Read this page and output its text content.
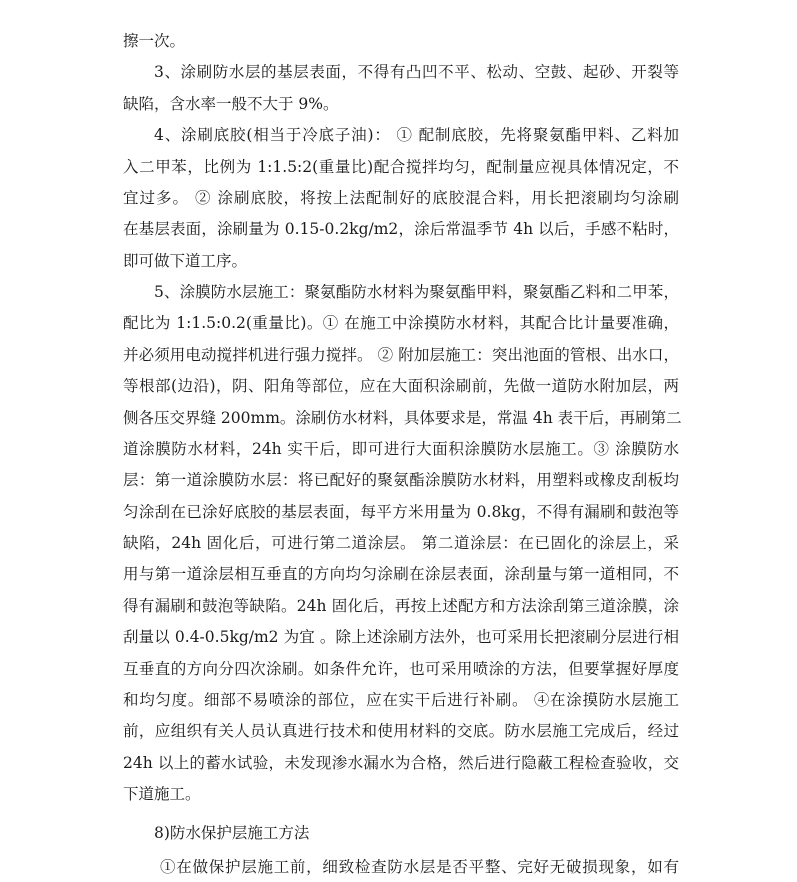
擦一次。
3、涂刷防水层的基层表面，不得有凸凹不平、松动、空鼓、起砂、开裂等
缺陷，含水率一般不大于 9%。
4、涂刷底胶(相当于冷底子油)： ① 配制底胶，先将聚氨酯甲料、乙料加
入二甲苯，比例为 1:1.5:2(重量比)配合搅拌均匀，配制量应视具体情况定，不
宜过多。 ② 涂刷底胶，将按上法配制好的底胶混合料，用长把滚刷均匀涂刷
在基层表面，涂刷量为 0.15-0.2kg/m2，涂后常温季节 4h 以后，手感不粘时，
即可做下道工序。
5、涂膜防水层施工：聚氨酯防水材料为聚氨酯甲料，聚氨酯乙料和二甲苯，
配比为 1:1.5:0.2(重量比)。① 在施工中涂摸防水材料，其配合比计量要准确，
并必须用电动搅拌机进行强力搅拌。 ② 附加层施工：突出池面的管根、出水口，
等根部(边沿)，阴、阳角等部位，应在大面积涂刷前，先做一道防水附加层，两
侧各压交界缝 200mm。涂刷仿水材料，具体要求是，常温 4h 表干后，再刷第二
道涂膜防水材料，24h 实干后，即可进行大面积涂膜防水层施工。③ 涂膜防水
层：第一道涂膜防水层：将已配好的聚氨酯涂膜防水材料，用塑料或橡皮刮板均
匀涂刮在已涂好底胶的基层表面，每平方米用量为 0.8kg，不得有漏刷和鼓泡等
缺陷，24h 固化后，可进行第二道涂层。 第二道涂层：在已固化的涂层上，采
用与第一道涂层相互垂直的方向均匀涂刷在涂层表面，涂刮量与第一道相同，不
得有漏刷和鼓泡等缺陷。24h 固化后，再按上述配方和方法涂刮第三道涂膜，涂
刮量以 0.4-0.5kg/m2 为宜 。除上述涂刷方法外，也可采用长把滚刷分层进行相
互垂直的方向分四次涂刷。如条件允许，也可采用喷涂的方法，但要掌握好厚度
和均匀度。细部不易喷涂的部位，应在实干后进行补刷。 ④在涂摸防水层施工
前，应组织有关人员认真进行技术和使用材料的交底。防水层施工完成后，经过
24h 以上的蓄水试验，未发现渗水漏水为合格，然后进行隐蔽工程检查验收，交
下道施工。
8)防水保护层施工方法
①在做保护层施工前，细致检查防水层是否平整、完好无破损现象，如有
